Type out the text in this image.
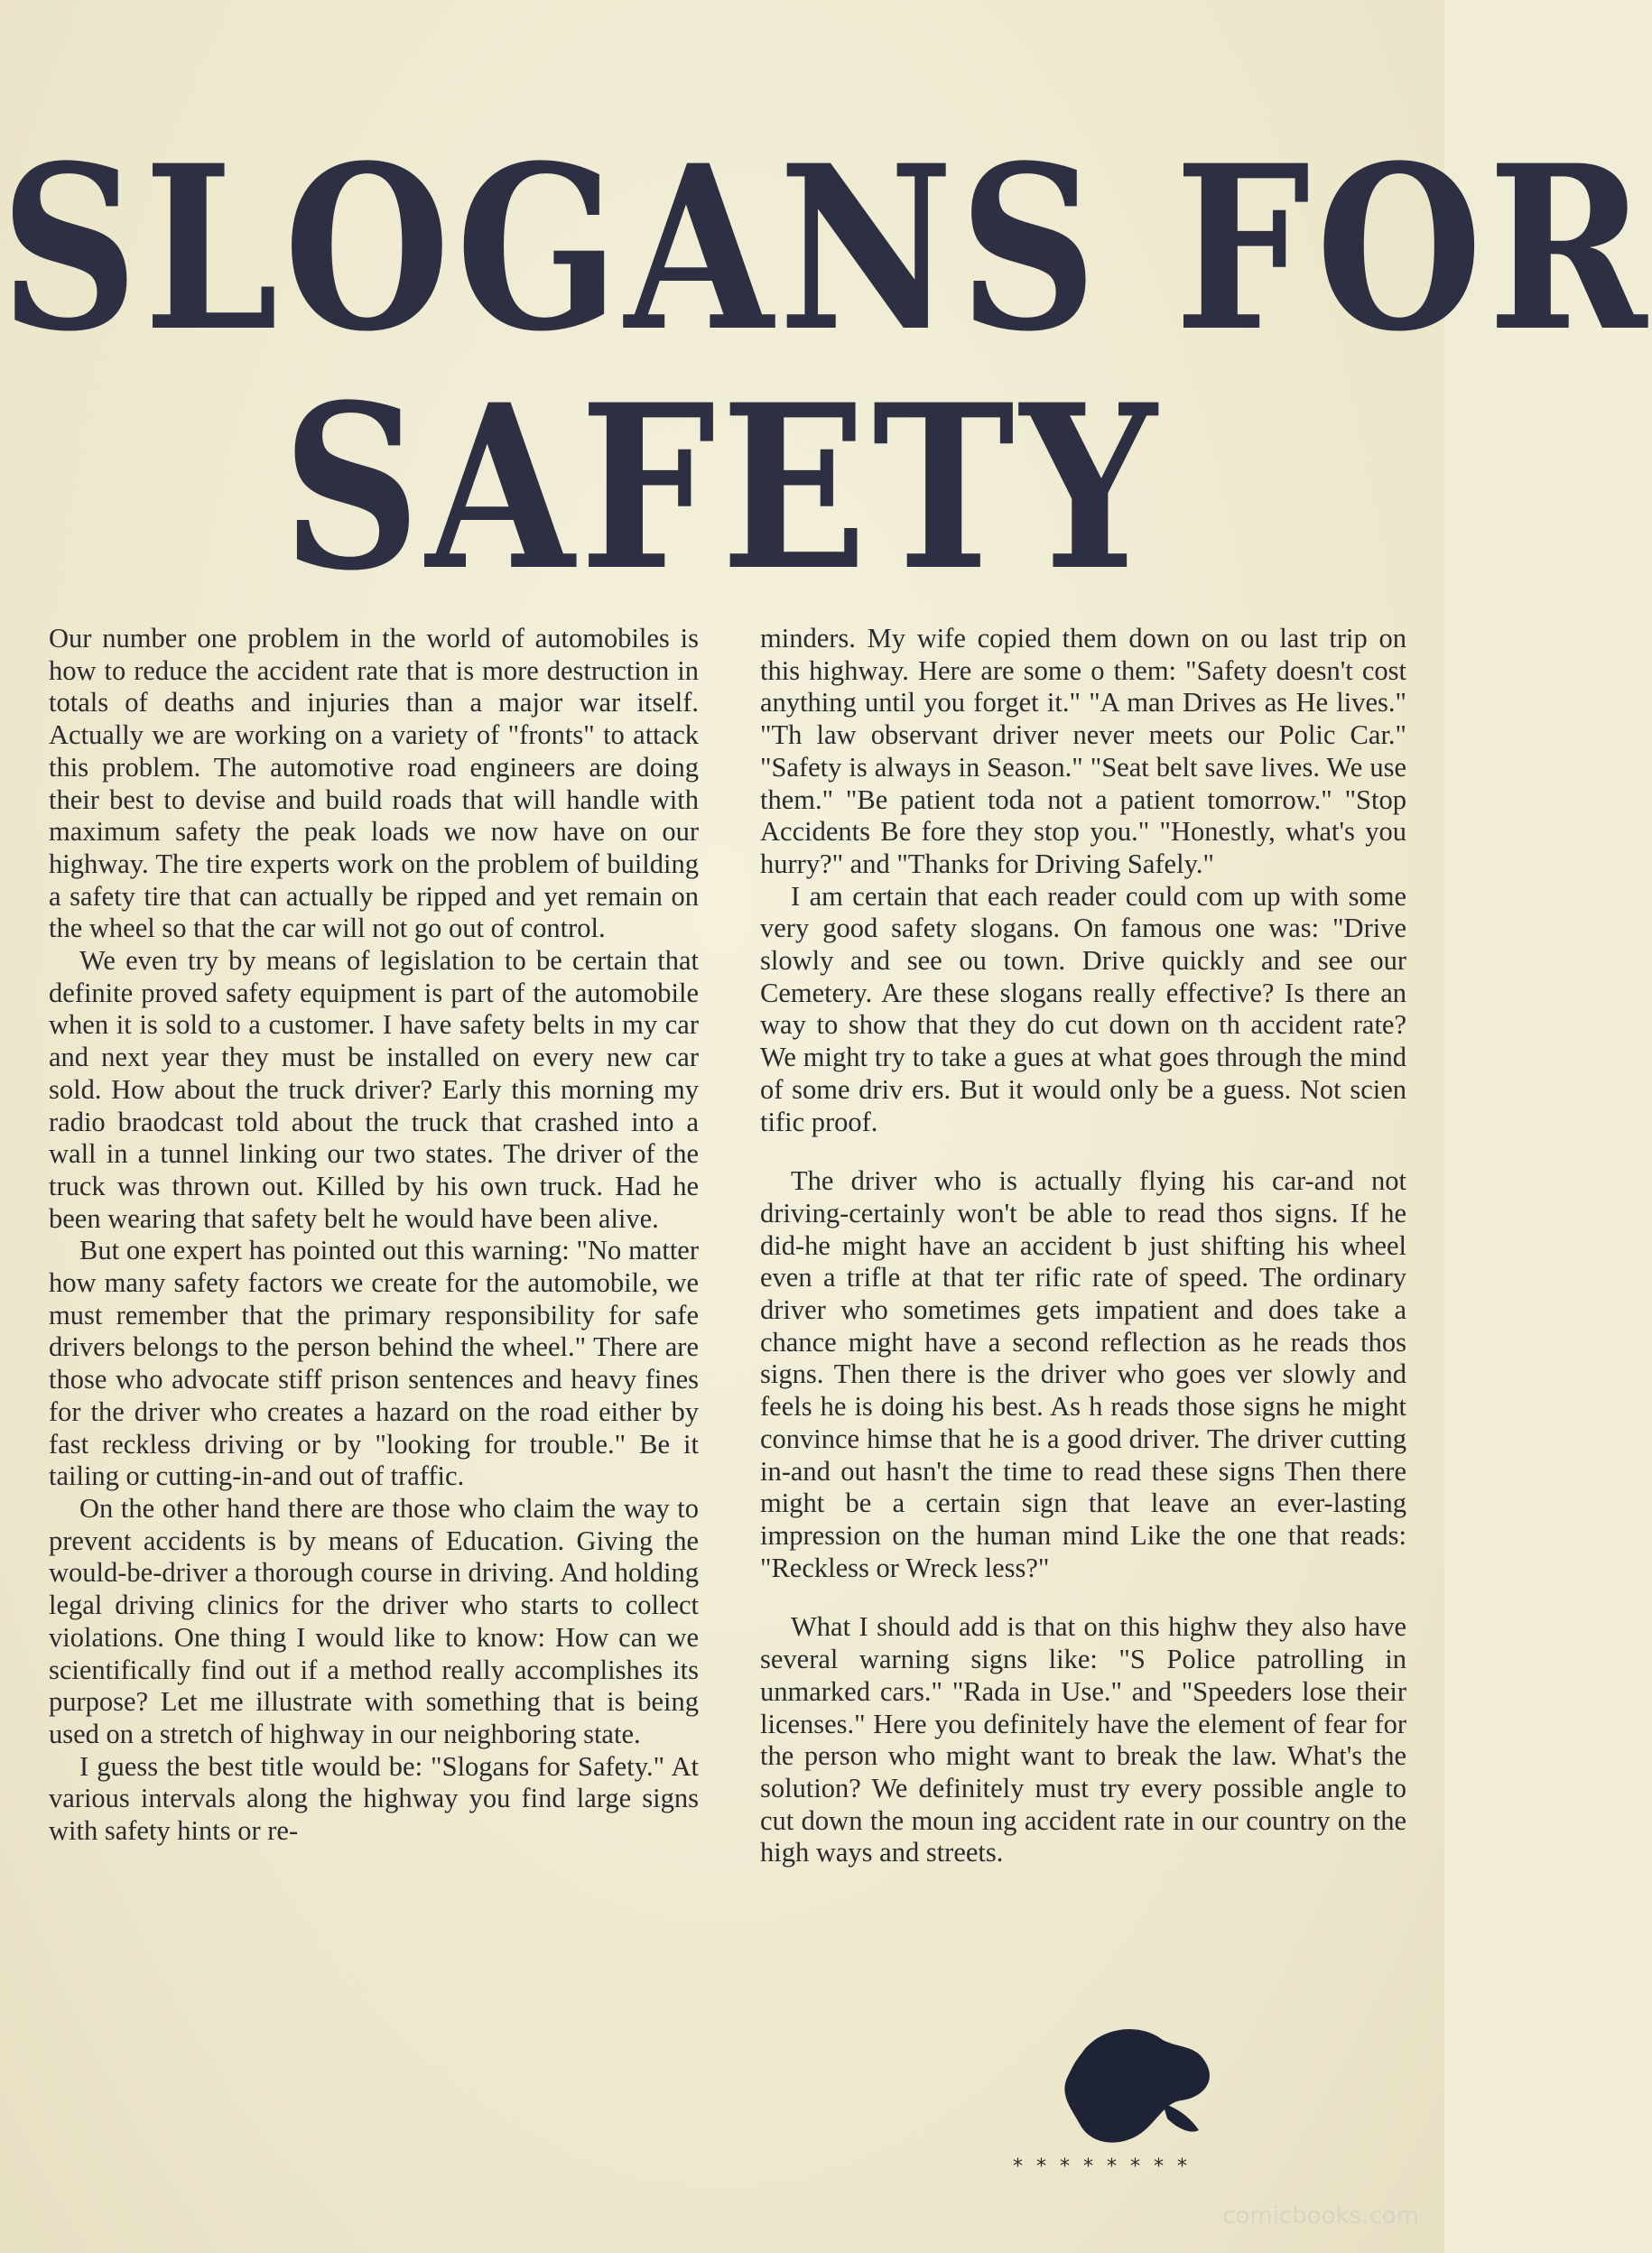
SLOGANS FOR
SAFETY

Our number one problem in the world of automobiles is how to reduce the accident rate that is more destruction in totals of deaths and injuries than a major war itself. Actually we are working on a variety of "fronts" to attack this problem. The automotive road engineers are doing their best to devise and build roads that will handle with maximum safety the peak loads we now have on our highway. The tire experts work on the problem of building a safety tire that can actually be ripped and yet remain on the wheel so that the car will not go out of control.

We even try by means of legislation to be certain that definite proved safety equipment is part of the automobile when it is sold to a customer. I have safety belts in my car and next year they must be installed on every new car sold. How about the truck driver? Early this morning my radio braodcast told about the truck that crashed into a wall in a tunnel linking our two states. The driver of the truck was thrown out. Killed by his own truck. Had he been wearing that safety belt he would have been alive.

But one expert has pointed out this warning: "No matter how many safety factors we create for the automobile, we must remember that the primary responsibility for safe drivers belongs to the person behind the wheel." There are those who advocate stiff prison sentences and heavy fines for the driver who creates a hazard on the road either by fast reckless driving or by "looking for trouble." Be it tailing or cutting-in-and out of traffic.

On the other hand there are those who claim the way to prevent accidents is by means of Education. Giving the would-be-driver a thorough course in driving. And holding legal driving clinics for the driver who starts to collect violations. One thing I would like to know: How can we scientifically find out if a method really accomplishes its purpose? Let me illustrate with something that is being used on a stretch of highway in our neighboring state.

I guess the best title would be: "Slogans for Safety." At various intervals along the highway you find large signs with safety hints or re-

minders. My wife copied them down on ou last trip on this highway. Here are some o them: "Safety doesn't cost anything until you forget it." "A man Drives as He lives." "Th law observant driver never meets our Polic Car." "Safety is always in Season." "Seat belt save lives. We use them." "Be patient toda not a patient tomorrow." "Stop Accidents Be fore they stop you." "Honestly, what's you hurry?" and "Thanks for Driving Safely."

I am certain that each reader could com up with some very good safety slogans. On famous one was: "Drive slowly and see ou town. Drive quickly and see our Cemetery. Are these slogans really effective? Is there an way to show that they do cut down on th accident rate? We might try to take a gues at what goes through the mind of some driv ers. But it would only be a guess. Not scien tific proof.

The driver who is actually flying his car-and not driving-certainly won't be able to read thos signs. If he did-he might have an accident b just shifting his wheel even a trifle at that ter rific rate of speed. The ordinary driver who sometimes gets impatient and does take a chance might have a second reflection as he reads thos signs. Then there is the driver who goes ver slowly and feels he is doing his best. As h reads those signs he might convince himse that he is a good driver. The driver cutting in-and out hasn't the time to read these signs Then there might be a certain sign that leave an ever-lasting impression on the human mind Like the one that reads: "Reckless or Wreck less?"

What I should add is that on this highw they also have several warning signs like: "S Police patrolling in unmarked cars." "Rada in Use." and "Speeders lose their licenses." Here you definitely have the element of fear for the person who might want to break the law. What's the solution? We definitely must try every possible angle to cut down the moun ing accident rate in our country on the high ways and streets.

* * * * * * * *
comicbooks.com
